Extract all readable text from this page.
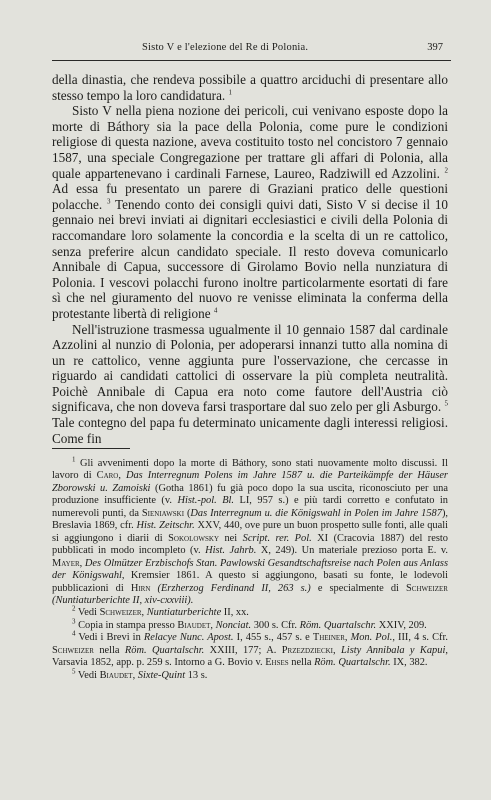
Sisto V e l'elezione del Re di Polonia.	397

della dinastia, che rendeva possibile a quattro arciduchi di presentare allo stesso tempo la loro candidatura. $^1$

Sisto V nella piena nozione dei pericoli, cui venivano esposte dopo la morte di Báthory sia la pace della Polonia, come pure le condizioni religiose di questa nazione, aveva costituito tosto nel concistoro 7 gennaio 1587, una speciale Congregazione per trattare gli affari di Polonia, alla quale appartenevano i cardinali Farnese, Laureo, Radziwill ed Azzolini. $^2$ Ad essa fu presentato un parere di Graziani pratico delle questioni polacche. $^3$ Tenendo conto dei consigli quivi dati, Sisto V si decise il 10 gennaio nei brevi inviati ai dignitari ecclesiastici e civili della Polonia di raccomandare loro solamente la concordia e la scelta di un re cattolico, senza preferire alcun candidato speciale. Il resto doveva comunicarlo Annibale di Capua, successore di Girolamo Bovio nella nunziatura di Polonia. I vescovi polacchi furono inoltre particolarmente esortati di fare sì che nel giuramento del nuovo re venisse eliminata la conferma della protestante libertà di religione $^4$

Nell'istruzione trasmessa ugualmente il 10 gennaio 1587 dal cardinale Azzolini al nunzio di Polonia, per adoperarsi innanzi tutto alla nomina di un re cattolico, venne aggiunta pure l'osservazione, che cercasse in riguardo ai candidati cattolici di osservare la più completa neutralità. Poichè Annibale di Capua era noto come fautore dell'Austria ciò significava, che non doveva farsi trasportare dal suo zelo per gli Asburgo. $^5$ Tale contegno del papa fu determinato unicamente dagli interessi religiosi. Come fin

$^1$ Gli avvenimenti dopo la morte di Báthory, sono stati nuovamente molto discussi. Il lavoro di Caro, Das Interregnum Polens im Jahre 1587 u. die Parteikämpfe der Häuser Zborowski u. Zamoiski (Gotha 1861) fu già poco dopo la sua uscita, riconosciuto per una produzione insufficiente (v. Hist.-pol. Bl. LI, 957 s.) e più tardi corretto e confutato in numerevoli punti, da Sieniawski (Das Interregnum u. die Königswahl in Polen im Jahre 1587), Breslavia 1869, cfr. Hist. Zeitschr. XXV, 440, ove pure un buon prospetto sulle fonti, alle quali si aggiungono i diarii di Sokolowsky nei Script. rer. Pol. XI (Cracovia 1887) del resto pubblicati in modo incompleto (v. Hist. Jahrb. X, 249). Un materiale prezioso porta E. v. Mayer, Des Olmützer Erzbischofs Stan. Pawlowski Gesandtschaftsreise nach Polen aus Anlass der Königswahl, Kremsier 1861. A questo si aggiungono, basati su fonte, le lodevoli pubblicazioni di Hirn (Erzherzog Ferdinand II, 263 s.) e specialmente di Schweizer (Nuntiaturberichte II, xiv-cxxviii).

$^2$ Vedi Schweizer, Nuntiaturberichte II, xx.

$^3$ Copia in stampa presso Biaudet, Nonciat. 300 s. Cfr. Röm. Quartalschr. XXIV, 209.

$^4$ Vedi i Brevi in Relacye Nunc. Apost. I, 455 s., 457 s. e Theiner, Mon. Pol., III, 4 s. Cfr. Schweizer nella Röm. Quartalschr. XXIII, 177; A. Przezdziecki, Listy Annibala y Kapui, Varsavia 1852, app. p. 259 s. Intorno a G. Bovio v. Ehses nella Röm. Quartalschr. IX, 382.

$^5$ Vedi Biaudet, Sixte-Quint 13 s.
